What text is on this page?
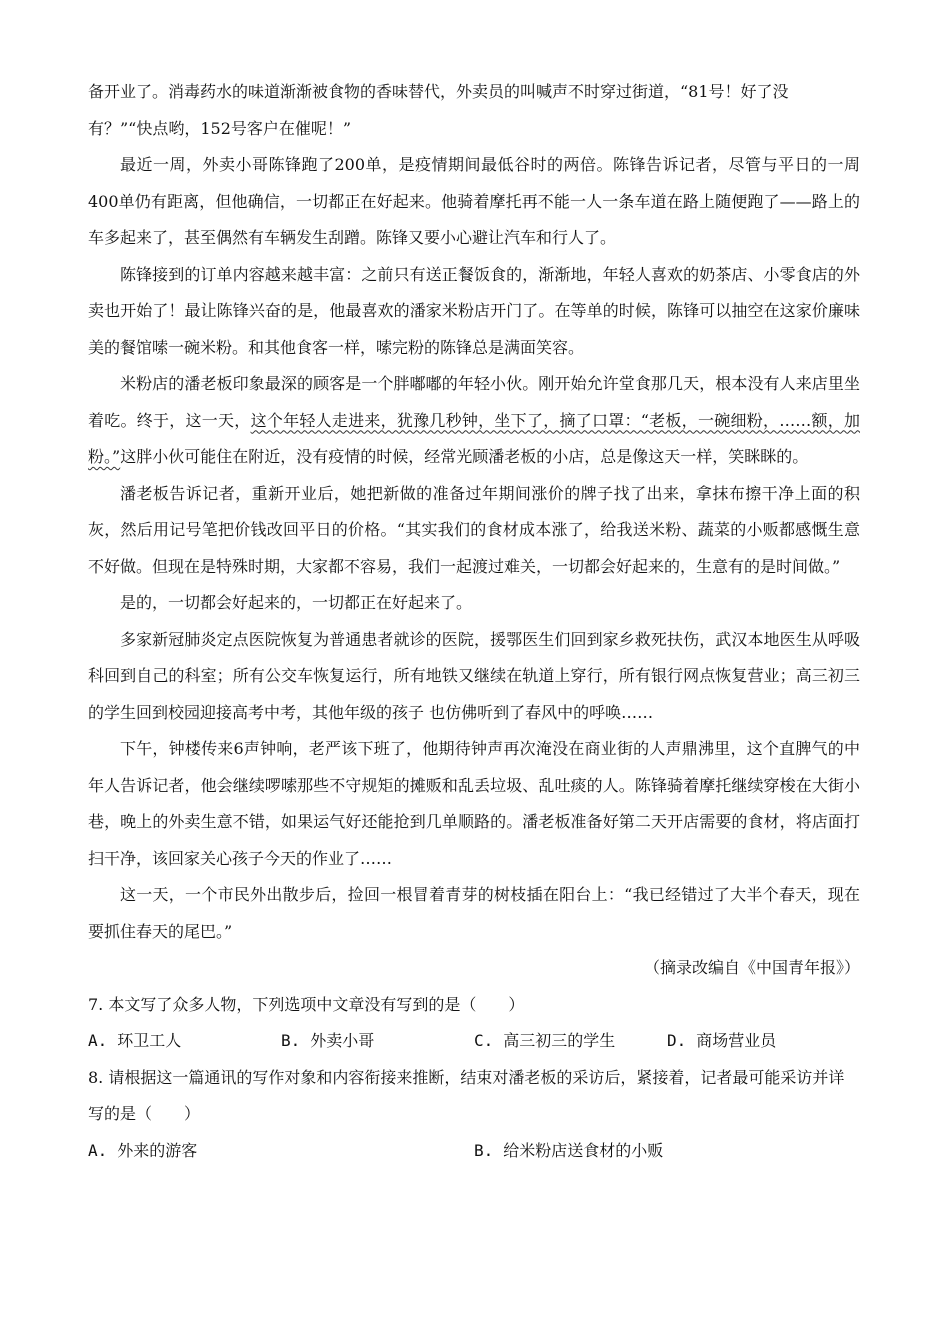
备开业了。消毒药水的味道渐渐被食物的香味替代，外卖员的叫喊声不时穿过街道，“81号！好了没
有？”“快点哟，152号客户在催呢！”

最近一周，外卖小哥陈锋跑了200单，是疫情期间最低谷时的两倍。陈锋告诉记者，尽管与平日的一周400单仍有距离，但他确信，一切都正在好起来。他骑着摩托再不能一人一条车道在路上随便跑了——路上的车多起来了，甚至偶然有车辆发生刮蹭。陈锋又要小心避让汽车和行人了。

陈锋接到的订单内容越来越丰富：之前只有送正餐饭食的，渐渐地，年轻人喜欢的奶茶店、小零食店的外卖也开始了！最让陈锋兴奋的是，他最喜欢的潘家米粉店开门了。在等单的时候，陈锋可以抽空在这家价廉味美的餐馆嗦一碗米粉。和其他食客一样，嗦完粉的陈锋总是满面笑容。

米粉店的潘老板印象最深的顾客是一个胖嘟嘟的年轻小伙。刚开始允许堂食那几天，根本没有人来店里坐着吃。终于，这一天，这个年轻人走进来，犹豫几秒钟，坐下了，摘了口罩：“老板，一碗细粉，……额，加粉。”这胖小伙可能住在附近，没有疫情的时候，经常光顾潘老板的小店，总是像这天一样，笑眯眯的。

潘老板告诉记者，重新开业后，她把新做的准备过年期间涨价的牌子找了出来，拿抹布擦干净上面的积灰，然后用记号笔把价钱改回平日的价格。“其实我们的食材成本涨了，给我送米粉、蔬菜的小贩都感慨生意不好做。但现在是特殊时期，大家都不容易，我们一起渡过难关，一切都会好起来的，生意有的是时间做。”

是的，一切都会好起来的，一切都正在好起来了。

多家新冠肺炎定点医院恢复为普通患者就诊的医院，援鄂医生们回到家乡救死扶伤，武汉本地医生从呼吸科回到自己的科室；所有公交车恢复运行，所有地铁又继续在轨道上穿行，所有银行网点恢复营业；高三初三的学生回到校园迎接高考中考，其他年级的孩子 也仿佛听到了春风中的呼唤……

下午，钟楼传来6声钟响，老严该下班了，他期待钟声再次淹没在商业街的人声鼎沸里，这个直脾气的中年人告诉记者，他会继续啰嗦那些不守规矩的摊贩和乱丢垃圾、乱吐痰的人。陈锋骑着摩托继续穿梭在大街小巷，晚上的外卖生意不错，如果运气好还能抢到几单顺路的。潘老板准备好第二天开店需要的食材，将店面打扫干净，该回家关心孩子今天的作业了……

这一天，一个市民外出散步后，捡回一根冒着青芽的树枝插在阳台上：“我已经错过了大半个春天，现在要抓住春天的尾巴。”

（摘录改编自《中国青年报》）

7. 本文写了众多人物，下列选项中文章没有写到的是（　　）

A. 环卫工人	B. 外卖小哥	C. 高三初三的学生	D. 商场营业员

8. 请根据这一篇通讯的写作对象和内容衔接来推断，结束对潘老板的采访后，紧接着，记者最可能采访并详写的是（　　）

A. 外来的游客	B. 给米粉店送食材的小贩
